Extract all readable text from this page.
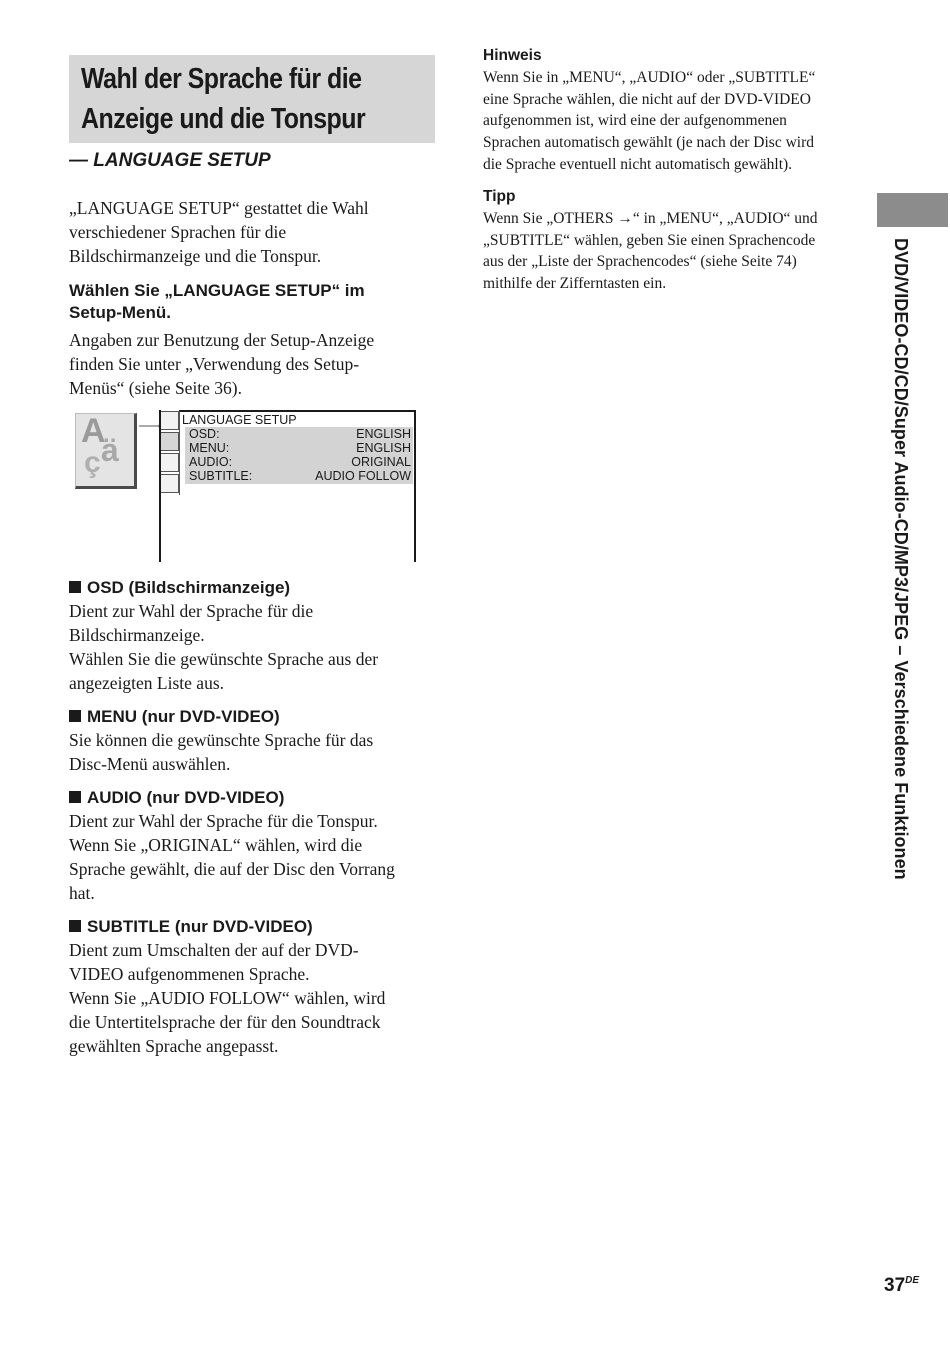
Wahl der Sprache für die
Anzeige und die Tonspur
— LANGUAGE SETUP
„LANGUAGE SETUP“ gestattet die Wahl
verschiedener Sprachen für die
Bildschirmanzeige und die Tonspur.
Wählen Sie „LANGUAGE SETUP“ im
Setup-Menü.
Angaben zur Benutzung der Setup-Anzeige
finden Sie unter „Verwendung des Setup-
Menüs“ (siehe Seite 36).
A
ä
ç
LANGUAGE SETUP
OSD:	ENGLISH
MENU:	ENGLISH
AUDIO:	ORIGINAL
SUBTITLE:	AUDIO FOLLOW
OSD (Bildschirmanzeige)
Dient zur Wahl der Sprache für die
Bildschirmanzeige.
Wählen Sie die gewünschte Sprache aus der
angezeigten Liste aus.
MENU (nur DVD-VIDEO)
Sie können die gewünschte Sprache für das
Disc-Menü auswählen.
AUDIO (nur DVD-VIDEO)
Dient zur Wahl der Sprache für die Tonspur.
Wenn Sie „ORIGINAL“ wählen, wird die
Sprache gewählt, die auf der Disc den Vorrang
hat.
SUBTITLE (nur DVD-VIDEO)
Dient zum Umschalten der auf der DVD-
VIDEO aufgenommenen Sprache.
Wenn Sie „AUDIO FOLLOW“ wählen, wird
die Untertitelsprache der für den Soundtrack
gewählten Sprache angepasst.
Hinweis
Wenn Sie in „MENU“, „AUDIO“ oder „SUBTITLE“
eine Sprache wählen, die nicht auf der DVD-VIDEO
aufgenommen ist, wird eine der aufgenommenen
Sprachen automatisch gewählt (je nach der Disc wird
die Sprache eventuell nicht automatisch gewählt).
Tipp
Wenn Sie „OTHERS →“ in „MENU“, „AUDIO“ und
„SUBTITLE“ wählen, geben Sie einen Sprachencode
aus der „Liste der Sprachencodes“ (siehe Seite 74)
mithilfe der Zifferntasten ein.	DVD/VIDEO-CD/CD/Super Audio-CD/MP3/JPEG – Verschiedene Funktionen
37DE
